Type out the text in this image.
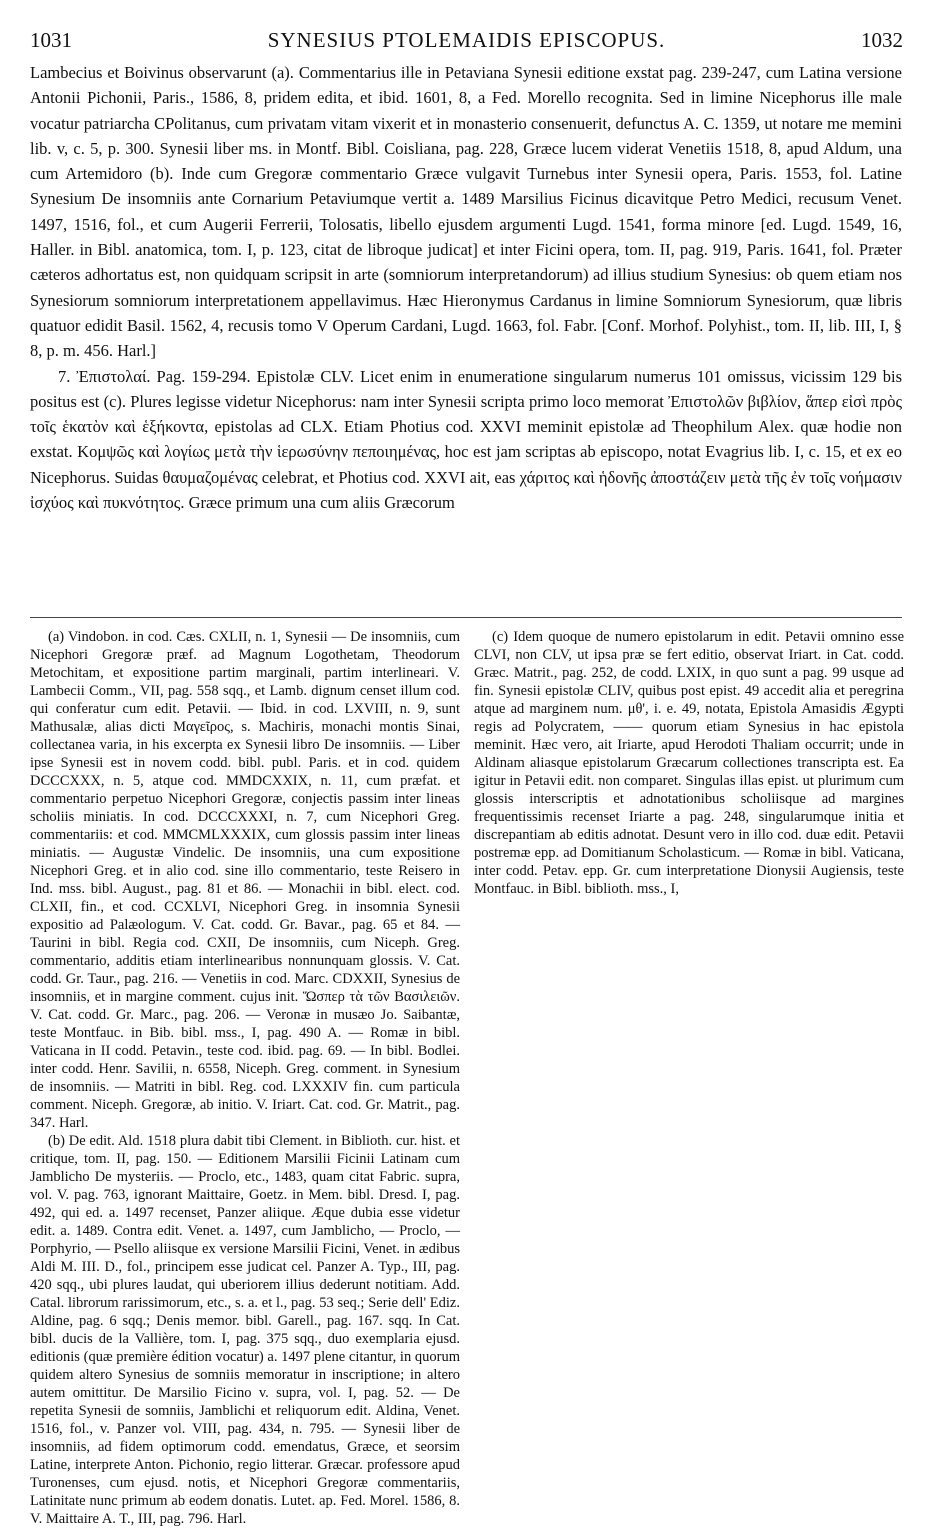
1031	SYNESIUS PTOLEMAIDIS EPISCOPUS.	1032

Lambecius et Boivinus observarunt (a). Commentarius ille in Petaviana Synesii editione exstat pag. 239-247, cum Latina versione Antonii Pichonii, Paris., 1586, 8, pridem edita, et ibid. 1601, 8, a Fed. Morello recognita. Sed in limine Nicephorus ille male vocatur patriarcha CPolitanus, cum privatam vitam vixerit et in monasterio consenuerit, defunctus A. C. 1359, ut notare me memini lib. v, c. 5, p. 300. Synesii liber ms. in Montf. Bibl. Coisliana, pag. 228, Græce lucem viderat Venetiis 1518, 8, apud Aldum, una cum Artemidoro (b). Inde cum Gregoræ commentario Græce vulgavit Turnebus inter Synesii opera, Paris. 1553, fol. Latine Synesium De insomniis ante Cornarium Petaviumque vertit a. 1489 Marsilius Ficinus dicavitque Petro Medici, recusum Venet. 1497, 1516, fol., et cum Augerii Ferrerii, Tolosatis, libello ejusdem argumenti Lugd. 1541, forma minore [ed. Lugd. 1549, 16, Haller. in Bibl. anatomica, tom. I, p. 123, citat de libroque judicat] et inter Ficini opera, tom. II, pag. 919, Paris. 1641, fol. Præter cæteros adhortatus est, non quidquam scripsit in arte (somniorum interpretandorum) ad illius studium Synesius: ob quem etiam nos Synesiorum somniorum interpretationem appellavimus. Hæc Hieronymus Cardanus in limine Somniorum Synesiorum, quæ libris quatuor edidit Basil. 1562, 4, recusis tomo V Operum Cardani, Lugd. 1663, fol. Fabr. [Conf. Morhof. Polyhist., tom. II, lib. III, I, § 8, p. m. 456. Harl.]

7. Ἐπιστολαί. Pag. 159-294. Epistolæ CLV. Licet enim in enumeratione singularum numerus 101 omissus, vicissim 129 bis positus est (c). Plures legisse videtur Nicephorus: nam inter Synesii scripta primo loco memorat Ἐπιστολῶν βιβλίον, ἅπερ εἰσὶ πρὸς τοῖς ἑκατὸν καὶ ἑξήκοντα, epistolas ad CLX. Etiam Photius cod. XXVI meminit epistolæ ad Theophilum Alex. quæ hodie non exstat. Κομψῶς καὶ λογίως μετὰ τὴν ἱερωσύνην πεποιημένας, hoc est jam scriptas ab episcopo, notat Evagrius lib. I, c. 15, et ex eo Nicephorus. Suidas θαυμαζομένας celebrat, et Photius cod. XXVI ait, eas χάριτος καὶ ἡδονῆς ἀποστάζειν μετὰ τῆς ἐν τοῖς νοήμασιν ἰσχύος καὶ πυκνότητος. Græce primum una cum aliis Græcorum

(a) Vindobon. in cod. Cæs. CXLII, n. 1, Synesii — De insomniis, cum Nicephori Gregoræ præf. ad Magnum Logothetam, Theodorum Metochitam, et expositione partim marginali, partim interlineari. V. Lambecii Comm., VII, pag. 558 sqq., et Lamb. dignum censet illum cod. qui conferatur cum edit. Petavii. — Ibid. in cod. LXVIII, n. 9, sunt Mathusalæ, alias dicti Μαγεῖρος, s. Machiris, monachi montis Sinai, collectanea varia, in his excerpta ex Synesii libro De insomniis. — Liber ipse Synesii est in novem codd. bibl. publ. Paris. et in cod. quidem DCCCXXX, n. 5, atque cod. MMDCXXIX, n. 11, cum præfat. et commentario perpetuo Nicephori Gregoræ, conjectis passim inter lineas scholiis miniatis. In cod. DCCCXXXI, n. 7, cum Nicephori Greg. commentariis: et cod. MMCMLXXXIX, cum glossis passim inter lineas miniatis. — Augustæ Vindelic. De insomniis, una cum expositione Nicephori Greg. et in alio cod. sine illo commentario, teste Reisero in Ind. mss. bibl. August., pag. 81 et 86. — Monachii in bibl. elect. cod. CLXII, fin., et cod. CCXLVI, Nicephori Greg. in insomnia Synesii expositio ad Palæologum. V. Cat. codd. Gr. Bavar., pag. 65 et 84. — Taurini in bibl. Regia cod. CXII, De insomniis, cum Niceph. Greg. commentario, additis etiam interlinearibus nonnunquam glossis. V. Cat. codd. Gr. Taur., pag. 216. — Venetiis in cod. Marc. CDXXII, Synesius de insomniis, et in margine comment. cujus init. Ὥσπερ τὰ τῶν Βασιλειῶν. V. Cat. codd. Gr. Marc., pag. 206. — Veronæ in musæo Jo. Saibantæ, teste Montfauc. in Bib. bibl. mss., I, pag. 490 A. — Romæ in bibl. Vaticana in II codd. Petavin., teste cod. ibid. pag. 69. — In bibl. Bodlei. inter codd. Henr. Savilii, n. 6558, Niceph. Greg. comment. in Synesium de insomniis. — Matriti in bibl. Reg. cod. LXXXIV fin. cum particula comment. Niceph. Gregoræ, ab initio. V. Iriart. Cat. cod. Gr. Matrit., pag. 347. Harl.

(b) De edit. Ald. 1518 plura dabit tibi Clement. in Biblioth. cur. hist. et critique, tom. II, pag. 150. — Editionem Marsilii Ficinii Latinam cum Jamblicho De mysteriis. — Proclo, etc., 1483, quam citat Fabric. supra, vol. V. pag. 763, ignorant Maittaire, Goetz. in Mem. bibl. Dresd. I, pag. 492, qui ed. a. 1497 recenset, Panzer aliique. Æque dubia esse videtur edit. a. 1489. Contra edit. Venet. a. 1497, cum Jamblicho, — Proclo, — Porphyrio, — Psello aliisque ex versione Marsilii Ficini, Venet. in ædibus Aldi M. III. D., fol., principem esse judicat cel. Panzer A. Typ., III, pag. 420 sqq., ubi plures laudat, qui uberiorem illius dederunt notitiam. Add. Catal. librorum rarissimorum, etc., s. a. et l., pag. 53 seq.; Serie dell' Ediz. Aldine, pag. 6 sqq.; Denis memor. bibl. Garell., pag. 167. sqq. In Cat. bibl. ducis de la Vallière, tom. I, pag. 375 sqq., duo exemplaria ejusd. editionis (quæ première édition vocatur) a. 1497 plene citantur, in quorum quidem altero Synesius de somniis memoratur in inscriptione; in altero autem omittitur. De Marsilio Ficino v. supra, vol. I, pag. 52. — De repetita Synesii de somniis, Jamblichi et reliquorum edit. Aldina, Venet. 1516, fol., v. Panzer vol. VIII, pag. 434, n. 795. — Synesii liber de insomniis, ad fidem optimorum codd. emendatus, Græce, et seorsim Latine, interprete Anton. Pichonio, regio litterar. Græcar. professore apud Turonenses, cum ejusd. notis, et Nicephori Gregoræ commentariis, Latinitate nunc primum ab eodem donatis. Lutet. ap. Fed. Morel. 1586, 8. V. Maittaire A. T., III, pag. 796. Harl.

(c) Idem quoque de numero epistolarum in edit. Petavii omnino esse CLVI, non CLV, ut ipsa præ se fert editio, observat Iriart. in Cat. codd. Græc. Matrit., pag. 252, de codd. LXIX, in quo sunt a pag. 99 usque ad fin. Synesii epistolæ CLIV, quibus post epist. 49 accedit alia et peregrina atque ad marginem num. μθ', i. e. 49, notata, Epistola Amasidis Ægypti regis ad Polycratem, —— quorum etiam Synesius in hac epistola meminit. Hæc vero, ait Iriarte, apud Herodoti Thaliam occurrit; unde in Aldinam aliasque epistolarum Græcarum collectiones transcripta est. Ea igitur in Petavii edit. non comparet. Singulas illas epist. ut plurimum cum glossis interscriptis et adnotationibus scholiisque ad margines frequentissimis recenset Iriarte a pag. 248, singularumque initia et discrepantiam ab editis adnotat. Desunt vero in illo cod. duæ edit. Petavii postremæ epp. ad Domitianum Scholasticum. — Romæ in bibl. Vaticana, inter codd. Petav. epp. Gr. cum interpretatione Dionysii Augiensis, teste Montfauc. in Bibl. biblioth. mss., I,
